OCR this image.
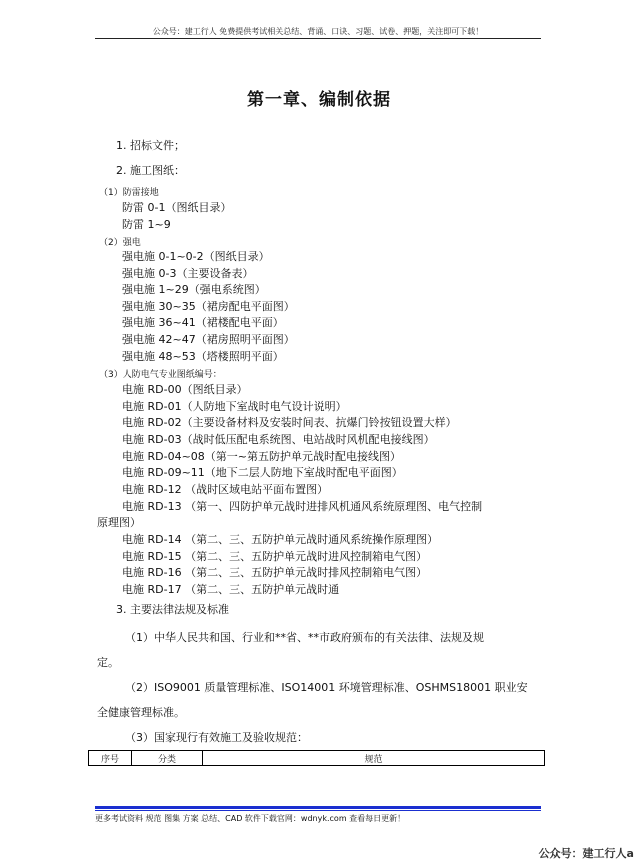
公众号：建工行人 免费提供考试相关总结、背诵、口诀、习题、试卷、押题，关注即可下载！
第一章、编制依据
1. 招标文件；
2. 施工图纸：
（1）防雷接地
防雷 0-1（图纸目录）
防雷 1~9
（2）强电
强电施 0-1~0-2（图纸目录）
强电施 0-3（主要设备表）
强电施 1~29（强电系统图）
强电施 30~35（裙房配电平面图）
强电施 36~41（裙楼配电平面）
强电施 42~47（裙房照明平面图）
强电施 48~53（塔楼照明平面）
（3）人防电气专业图纸编号：
电施 RD-00（图纸目录）
电施 RD-01（人防地下室战时电气设计说明）
电施 RD-02（主要设备材料及安装时间表、抗爆门铃按钮设置大样）
电施 RD-03（战时低压配电系统图、电站战时风机配电接线图）
电施 RD-04~08（第一~第五防护单元战时配电接线图）
电施 RD-09~11（地下二层人防地下室战时配电平面图）
电施 RD-12 （战时区域电站平面布置图）
电施 RD-13 （第一、四防护单元战时进排风机通风系统原理图、电气控制
原理图）
电施 RD-14 （第二、三、五防护单元战时通风系统操作原理图）
电施 RD-15 （第二、三、五防护单元战时进风控制箱电气图）
电施 RD-16 （第二、三、五防护单元战时排风控制箱电气图）
电施 RD-17 （第二、三、五防护单元战时通
3. 主要法律法规及标准
（1）中华人民共和国、行业和**省、**市政府颁布的有关法律、法规及规
定。
（2）ISO9001 质量管理标准、ISO14001 环境管理标准、OSHMS18001 职业安
全健康管理标准。
（3）国家现行有效施工及验收规范：
序号	分类	规范
更多考试资料 规范 图集 方案 总结、CAD 软件下载官网：wdnyk.com 查看每日更新！
公众号：建工行人a
